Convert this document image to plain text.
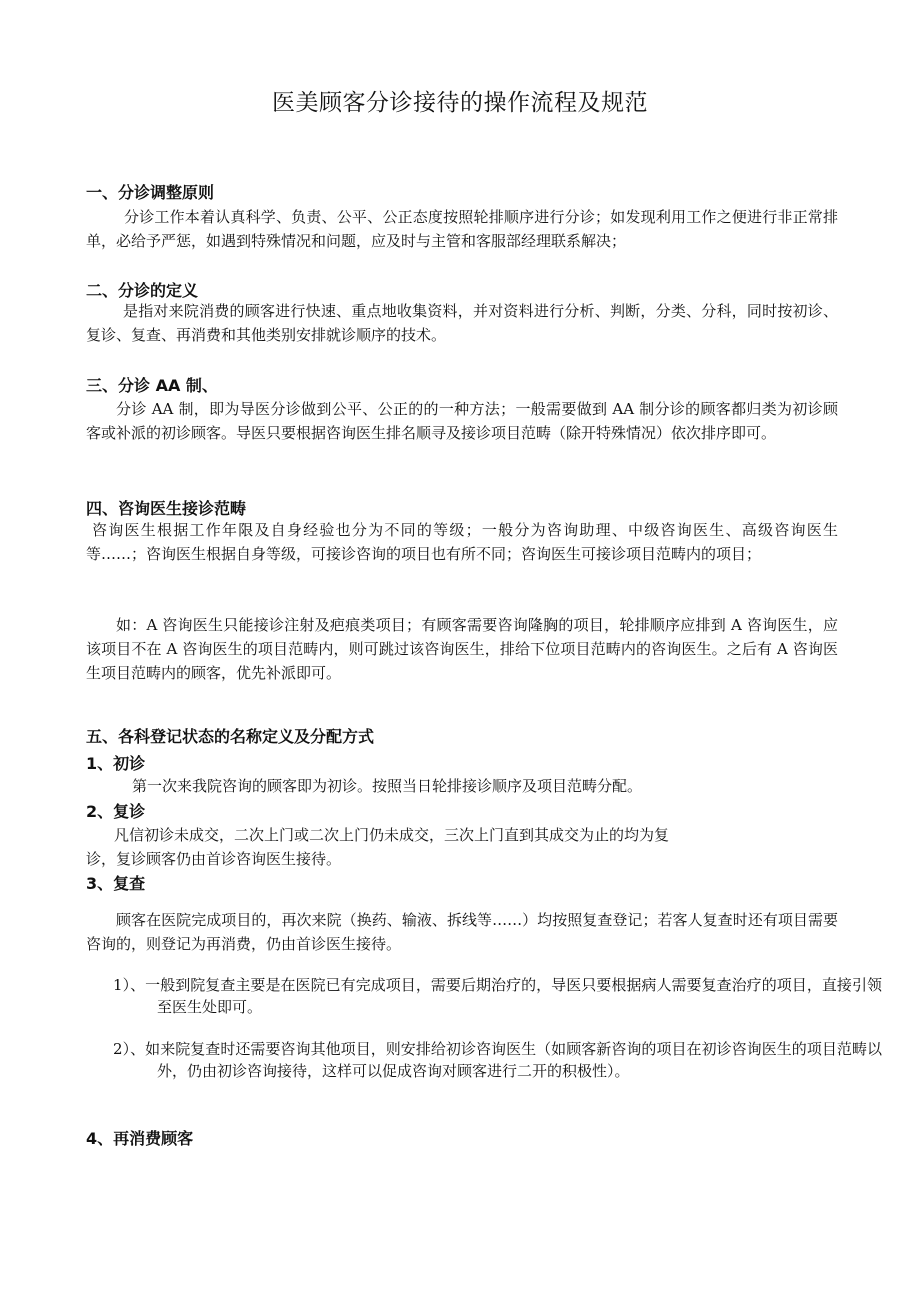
医美顾客分诊接待的操作流程及规范
一、分诊调整原则
分诊工作本着认真科学、负责、公平、公正态度按照轮排顺序进行分诊；如发现利用工作之便进行非正常排单，必给予严惩，如遇到特殊情况和问题，应及时与主管和客服部经理联系解决；
二、分诊的定义
是指对来院消费的顾客进行快速、重点地收集资料，并对资料进行分析、判断，分类、分科，同时按初诊、复诊、复查、再消费和其他类别安排就诊顺序的技术。
三、分诊 AA 制、
分诊 AA 制，即为导医分诊做到公平、公正的的一种方法；一般需要做到 AA 制分诊的顾客都归类为初诊顾客或补派的初诊顾客。导医只要根据咨询医生排名顺寻及接诊项目范畴（除开特殊情况）依次排序即可。
四、咨询医生接诊范畴
咨询医生根据工作年限及自身经验也分为不同的等级；一般分为咨询助理、中级咨询医生、高级咨询医生等……；咨询医生根据自身等级，可接诊咨询的项目也有所不同；咨询医生可接诊项目范畴内的项目；
如：A 咨询医生只能接诊注射及疤痕类项目；有顾客需要咨询隆胸的项目，轮排顺序应排到 A 咨询医生，应该项目不在 A 咨询医生的项目范畴内，则可跳过该咨询医生，排给下位项目范畴内的咨询医生。之后有 A 咨询医生项目范畴内的顾客，优先补派即可。
五、各科登记状态的名称定义及分配方式
1、初诊
第一次来我院咨询的顾客即为初诊。按照当日轮排接诊顺序及项目范畴分配。
2、复诊
凡信初诊未成交，二次上门或二次上门仍未成交，三次上门直到其成交为止的均为复
诊，复诊顾客仍由首诊咨询医生接待。
3、复查
顾客在医院完成项目的，再次来院（换药、输液、拆线等……）均按照复查登记；若客人复查时还有项目需要咨询的，则登记为再消费，仍由首诊医生接待。
1）、一般到院复查主要是在医院已有完成项目，需要后期治疗的，导医只要根据病人需要复查治疗的项目，直接引领至医生处即可。
2）、如来院复查时还需要咨询其他项目，则安排给初诊咨询医生（如顾客新咨询的项目在初诊咨询医生的项目范畴以外，仍由初诊咨询接待，这样可以促成咨询对顾客进行二开的积极性）。
4、再消费顾客
